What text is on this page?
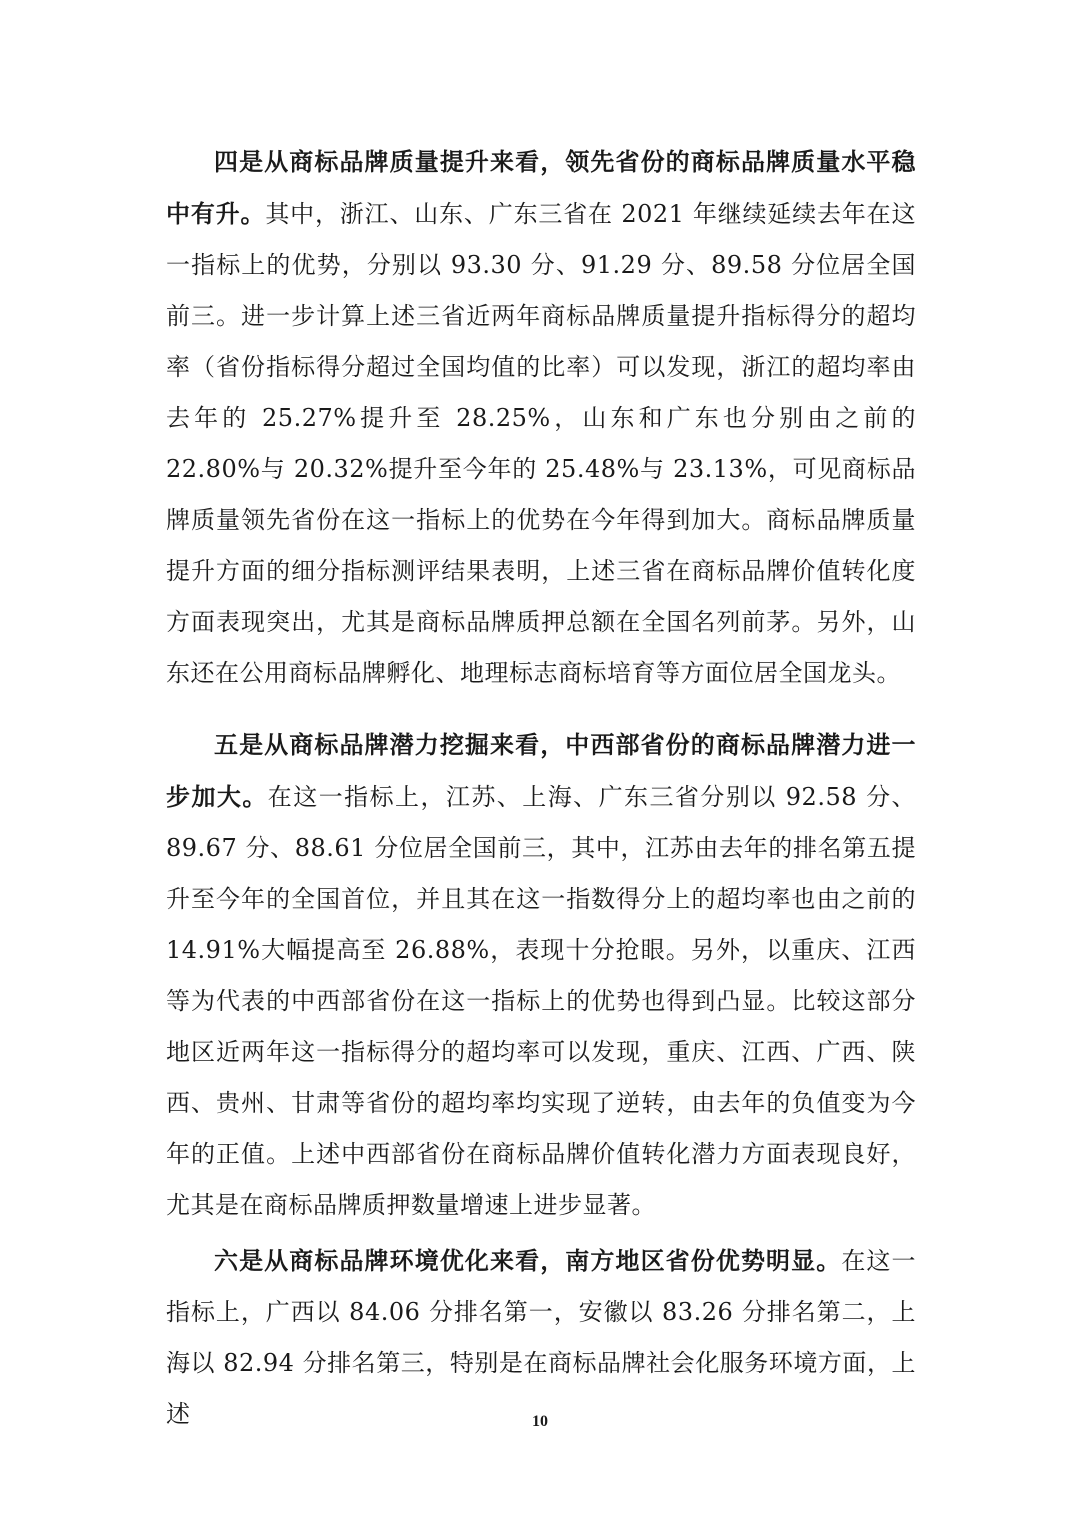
四是从商标品牌质量提升来看，领先省份的商标品牌质量水平稳中有升。其中，浙江、山东、广东三省在 2021 年继续延续去年在这一指标上的优势，分别以 93.30 分、91.29 分、89.58 分位居全国前三。进一步计算上述三省近两年商标品牌质量提升指标得分的超均率（省份指标得分超过全国均值的比率）可以发现，浙江的超均率由去年的 25.27%提升至 28.25%，山东和广东也分别由之前的 22.80%与 20.32%提升至今年的 25.48%与 23.13%，可见商标品牌质量领先省份在这一指标上的优势在今年得到加大。商标品牌质量提升方面的细分指标测评结果表明，上述三省在商标品牌价值转化度方面表现突出，尤其是商标品牌质押总额在全国名列前茅。另外，山东还在公用商标品牌孵化、地理标志商标培育等方面位居全国龙头。

五是从商标品牌潜力挖掘来看，中西部省份的商标品牌潜力进一步加大。在这一指标上，江苏、上海、广东三省分别以 92.58 分、89.67 分、88.61 分位居全国前三，其中，江苏由去年的排名第五提升至今年的全国首位，并且其在这一指数得分上的超均率也由之前的 14.91%大幅提高至 26.88%，表现十分抢眼。另外，以重庆、江西等为代表的中西部省份在这一指标上的优势也得到凸显。比较这部分地区近两年这一指标得分的超均率可以发现，重庆、江西、广西、陕西、贵州、甘肃等省份的超均率均实现了逆转，由去年的负值变为今年的正值。上述中西部省份在商标品牌价值转化潜力方面表现良好，尤其是在商标品牌质押数量增速上进步显著。

六是从商标品牌环境优化来看，南方地区省份优势明显。在这一指标上，广西以 84.06 分排名第一，安徽以 83.26 分排名第二，上海以 82.94 分排名第三，特别是在商标品牌社会化服务环境方面，上述	10
